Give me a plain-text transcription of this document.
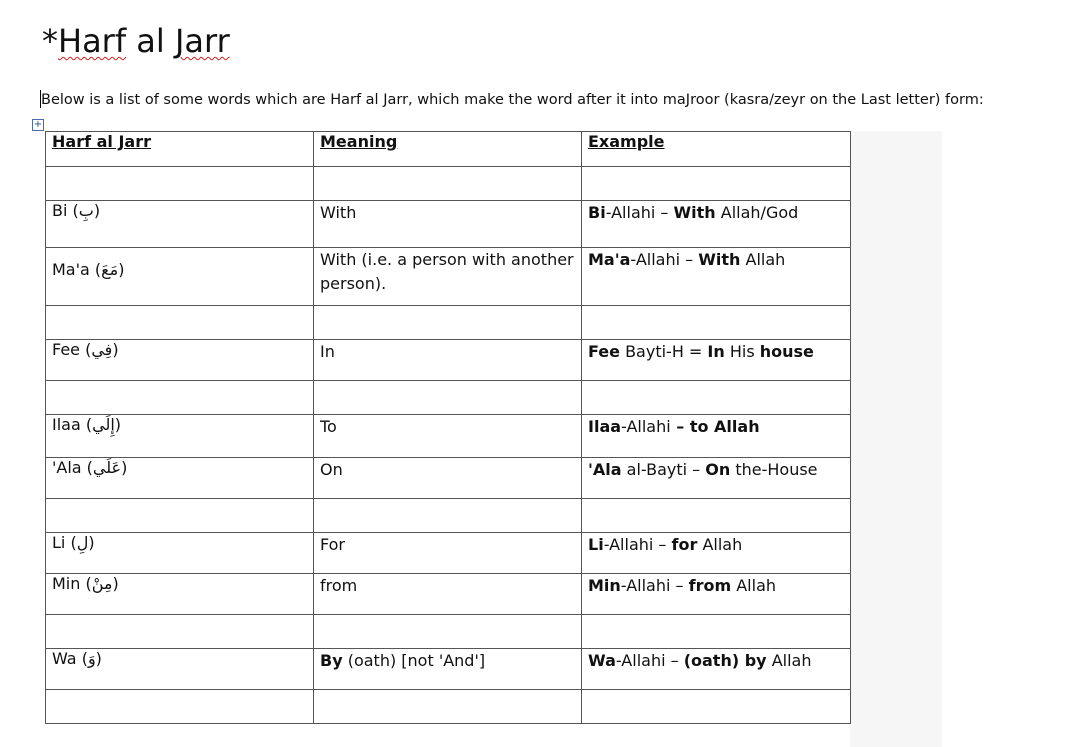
*Harf al Jarr
Below is a list of some words which are Harf al Jarr, which make the word after it into maJroor (kasra/zeyr on the Last letter) form:
+
Harf al Jarr	Meaning	Example

Bi (بِ)	With	Bi-Allahi – With Allah/God
Ma'a (مَعَ)	With (i.e. a person with another person).	Ma'a-Allahi – With Allah

Fee (فِي)	In	Fee Bayti-H = In His house

Ilaa (إِلَي)	To	Ilaa-Allahi – to Allah
'Ala (عَلَي)	On	'Ala al-Bayti – On the-House

Li (لِ)	For	Li-Allahi – for Allah
Min (مِنْ)	from	Min-Allahi – from Allah

Wa (وَ)	By (oath) [not 'And']	Wa-Allahi – (oath) by Allah
